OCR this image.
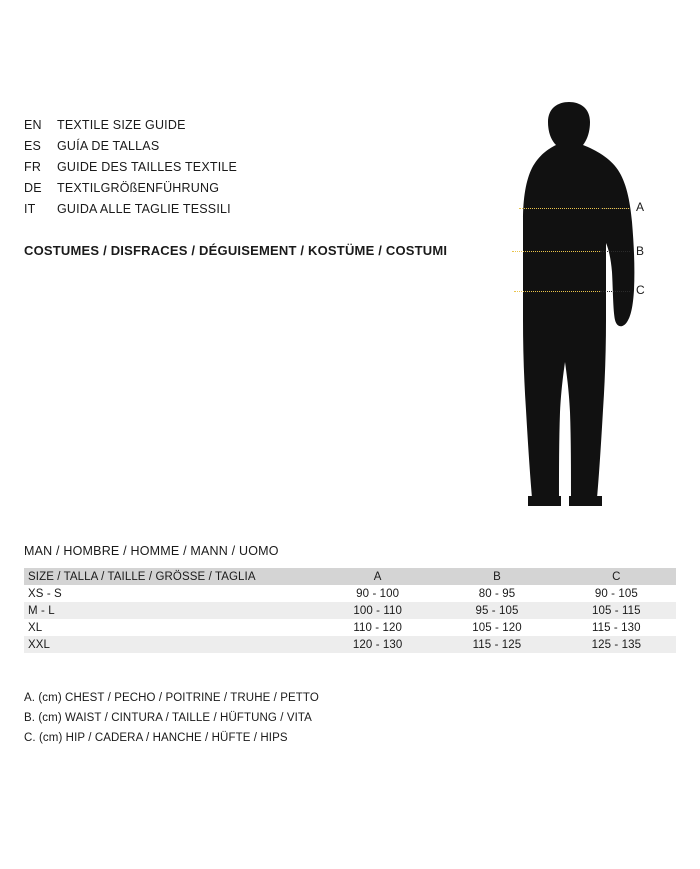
EN	TEXTILE SIZE GUIDE
ES	GUÍA DE TALLAS
FR	GUIDE DES TAILLES TEXTILE
DE	TEXTILGRÖßENFÜHRUNG
IT	GUIDA ALLE TAGLIE TESSILI
COSTUMES / DISFRACES / DÉGUISEMENT / KOSTÜME / COSTUMI
A
B
C
MAN / HOMBRE / HOMME / MANN / UOMO
SIZE / TALLA / TAILLE / GRÖSSE / TAGLIA	A	B	C
XS - S	90 - 100	80 - 95	90 - 105
M - L	100 - 110	95 - 105	105 - 115
XL	110 - 120	105 - 120	115 - 130
XXL	120 - 130	115 - 125	125 - 135
A. (cm) CHEST / PECHO / POITRINE / TRUHE / PETTO
B. (cm) WAIST / CINTURA / TAILLE / HÜFTUNG / VITA
C. (cm) HIP / CADERA / HANCHE / HÜFTE / HIPS
